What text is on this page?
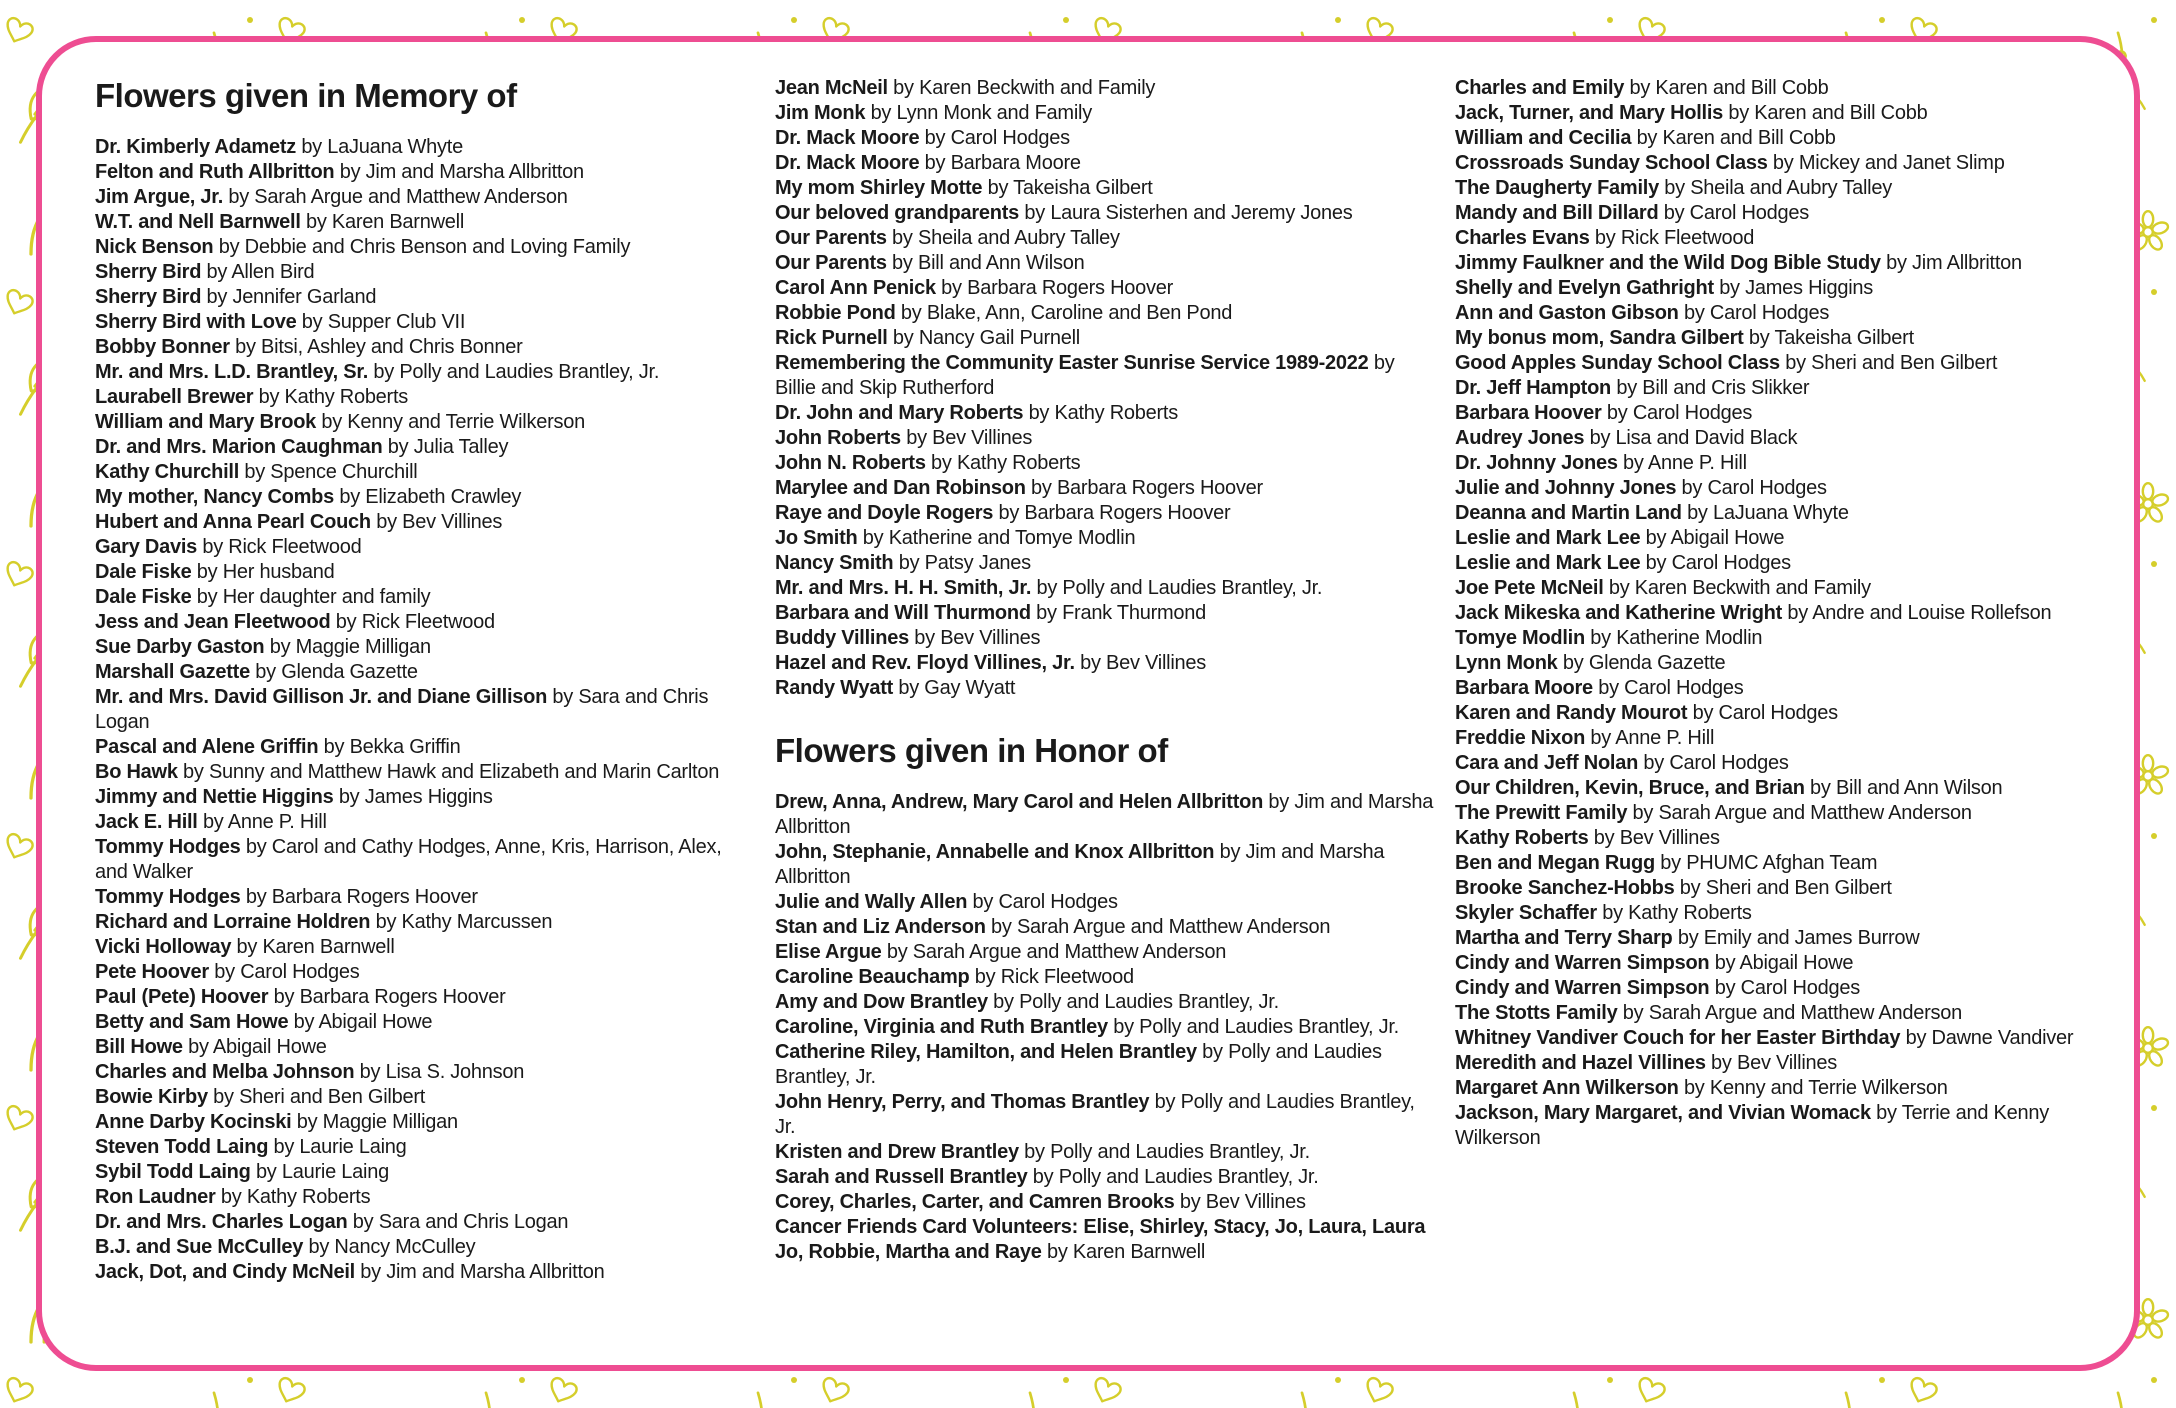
Flowers given in Memory of

Dr. Kimberly Adametz by LaJuana Whyte

Felton and Ruth Allbritton by Jim and Marsha Allbritton

Jim Argue, Jr. by Sarah Argue and Matthew Anderson

W.T. and Nell Barnwell by Karen Barnwell

Nick Benson by Debbie and Chris Benson and Loving Family

Sherry Bird by Allen Bird

Sherry Bird by Jennifer Garland

Sherry Bird with Love by Supper Club VII

Bobby Bonner by Bitsi, Ashley and Chris Bonner

Mr. and Mrs. L.D. Brantley, Sr. by Polly and Laudies Brantley, Jr.

Laurabell Brewer by Kathy Roberts

William and Mary Brook by Kenny and Terrie Wilkerson

Dr. and Mrs. Marion Caughman by Julia Talley

Kathy Churchill by Spence Churchill

My mother, Nancy Combs by Elizabeth Crawley

Hubert and Anna Pearl Couch by Bev Villines

Gary Davis by Rick Fleetwood

Dale Fiske by Her husband

Dale Fiske by Her daughter and family

Jess and Jean Fleetwood by Rick Fleetwood

Sue Darby Gaston by Maggie Milligan

Marshall Gazette by Glenda Gazette

Mr. and Mrs. David Gillison Jr. and Diane Gillison by Sara and Chris Logan

Pascal and Alene Griffin by Bekka Griffin

Bo Hawk by Sunny and Matthew Hawk and Elizabeth and Marin Carlton

Jimmy and Nettie Higgins by James Higgins

Jack E. Hill by Anne P. Hill

Tommy Hodges by Carol and Cathy Hodges, Anne, Kris, Harrison, Alex, and Walker

Tommy Hodges by Barbara Rogers Hoover

Richard and Lorraine Holdren by Kathy Marcussen

Vicki Holloway by Karen Barnwell

Pete Hoover by Carol Hodges

Paul (Pete) Hoover by Barbara Rogers Hoover

Betty and Sam Howe by Abigail Howe

Bill Howe by Abigail Howe

Charles and Melba Johnson by Lisa S. Johnson

Bowie Kirby by Sheri and Ben Gilbert

Anne Darby Kocinski by Maggie Milligan

Steven Todd Laing by Laurie Laing

Sybil Todd Laing by Laurie Laing

Ron Laudner by Kathy Roberts

Dr. and Mrs. Charles Logan by Sara and Chris Logan

B.J. and Sue McCulley by Nancy McCulley

Jack, Dot, and Cindy McNeil by Jim and Marsha Allbritton

Jean McNeil by Karen Beckwith and Family

Jim Monk by Lynn Monk and Family

Dr. Mack Moore by Carol Hodges

Dr. Mack Moore by Barbara Moore

My mom Shirley Motte by Takeisha Gilbert

Our beloved grandparents by Laura Sisterhen and Jeremy Jones

Our Parents by Sheila and Aubry Talley

Our Parents by Bill and Ann Wilson

Carol Ann Penick by Barbara Rogers Hoover

Robbie Pond by Blake, Ann, Caroline and Ben Pond

Rick Purnell by Nancy Gail Purnell

Remembering the Community Easter Sunrise Service 1989-2022 by Billie and Skip Rutherford

Dr. John and Mary Roberts by Kathy Roberts

John Roberts by Bev Villines

John N. Roberts by Kathy Roberts

Marylee and Dan Robinson by Barbara Rogers Hoover

Raye and Doyle Rogers by Barbara Rogers Hoover

Jo Smith by Katherine and Tomye Modlin

Nancy Smith by Patsy Janes

Mr. and Mrs. H. H. Smith, Jr. by Polly and Laudies Brantley, Jr.

Barbara and Will Thurmond by Frank Thurmond

Buddy Villines by Bev Villines

Hazel and Rev. Floyd Villines, Jr. by Bev Villines

Randy Wyatt by Gay Wyatt

Flowers given in Honor of

Drew, Anna, Andrew, Mary Carol and Helen Allbritton by Jim and Marsha Allbritton

John, Stephanie, Annabelle and Knox Allbritton by Jim and Marsha Allbritton

Julie and Wally Allen by Carol Hodges

Stan and Liz Anderson by Sarah Argue and Matthew Anderson

Elise Argue by Sarah Argue and Matthew Anderson

Caroline Beauchamp by Rick Fleetwood

Amy and Dow Brantley by Polly and Laudies Brantley, Jr.

Caroline, Virginia and Ruth Brantley by Polly and Laudies Brantley, Jr.

Catherine Riley, Hamilton, and Helen Brantley by Polly and Laudies Brantley, Jr.

John Henry, Perry, and Thomas Brantley by Polly and Laudies Brantley, Jr.

Kristen and Drew Brantley by Polly and Laudies Brantley, Jr.

Sarah and Russell Brantley by Polly and Laudies Brantley, Jr.

Corey, Charles, Carter, and Camren Brooks by Bev Villines

Cancer Friends Card Volunteers: Elise, Shirley, Stacy, Jo, Laura, Laura Jo, Robbie, Martha and Raye by Karen Barnwell

Charles and Emily by Karen and Bill Cobb

Jack, Turner, and Mary Hollis by Karen and Bill Cobb

William and Cecilia by Karen and Bill Cobb

Crossroads Sunday School Class by Mickey and Janet Slimp

The Daugherty Family by Sheila and Aubry Talley

Mandy and Bill Dillard by Carol Hodges

Charles Evans by Rick Fleetwood

Jimmy Faulkner and the Wild Dog Bible Study by Jim Allbritton

Shelly and Evelyn Gathright by James Higgins

Ann and Gaston Gibson by Carol Hodges

My bonus mom, Sandra Gilbert by Takeisha Gilbert

Good Apples Sunday School Class by Sheri and Ben Gilbert

Dr. Jeff Hampton by Bill and Cris Slikker

Barbara Hoover by Carol Hodges

Audrey Jones by Lisa and David Black

Dr. Johnny Jones by Anne P. Hill

Julie and Johnny Jones by Carol Hodges

Deanna and Martin Land by LaJuana Whyte

Leslie and Mark Lee by Abigail Howe

Leslie and Mark Lee by Carol Hodges

Joe Pete McNeil by Karen Beckwith and Family

Jack Mikeska and Katherine Wright by Andre and Louise Rollefson

Tomye Modlin by Katherine Modlin

Lynn Monk by Glenda Gazette

Barbara Moore by Carol Hodges

Karen and Randy Mourot by Carol Hodges

Freddie Nixon by Anne P. Hill

Cara and Jeff Nolan by Carol Hodges

Our Children, Kevin, Bruce, and Brian by Bill and Ann Wilson

The Prewitt Family by Sarah Argue and Matthew Anderson

Kathy Roberts by Bev Villines

Ben and Megan Rugg by PHUMC Afghan Team

Brooke Sanchez-Hobbs by Sheri and Ben Gilbert

Skyler Schaffer by Kathy Roberts

Martha and Terry Sharp by Emily and James Burrow

Cindy and Warren Simpson by Abigail Howe

Cindy and Warren Simpson by Carol Hodges

The Stotts Family by Sarah Argue and Matthew Anderson

Whitney Vandiver Couch for her Easter Birthday by Dawne Vandiver

Meredith and Hazel Villines by Bev Villines

Margaret Ann Wilkerson by Kenny and Terrie Wilkerson

Jackson, Mary Margaret, and Vivian Womack by Terrie and Kenny Wilkerson
